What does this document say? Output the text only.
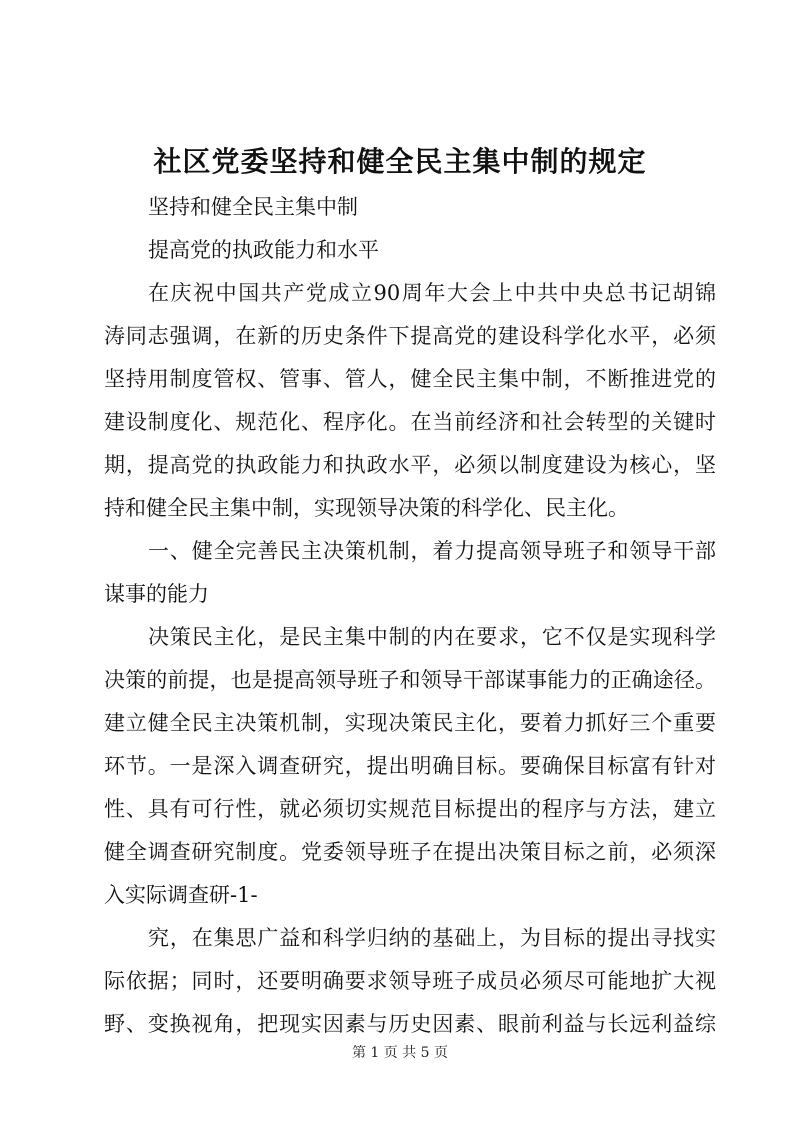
社区党委坚持和健全民主集中制的规定
坚持和健全民主集中制
提高党的执政能力和水平
在庆祝中国共产党成立90周年大会上中共中央总书记胡锦
涛同志强调，在新的历史条件下提高党的建设科学化水平，必须
坚持用制度管权、管事、管人，健全民主集中制，不断推进党的
建设制度化、规范化、程序化。在当前经济和社会转型的关键时
期，提高党的执政能力和执政水平，必须以制度建设为核心，坚
持和健全民主集中制，实现领导决策的科学化、民主化。
一、健全完善民主决策机制，着力提高领导班子和领导干部
谋事的能力
决策民主化，是民主集中制的内在要求，它不仅是实现科学
决策的前提，也是提高领导班子和领导干部谋事能力的正确途径。
建立健全民主决策机制，实现决策民主化，要着力抓好三个重要
环节。一是深入调查研究，提出明确目标。要确保目标富有针对
性、具有可行性，就必须切实规范目标提出的程序与方法，建立
健全调查研究制度。党委领导班子在提出决策目标之前，必须深
入实际调查研-1-
究，在集思广益和科学归纳的基础上，为目标的提出寻找实
际依据；同时，还要明确要求领导班子成员必须尽可能地扩大视
野、变换视角，把现实因素与历史因素、眼前利益与长远利益综
第 1 页 共 5 页
